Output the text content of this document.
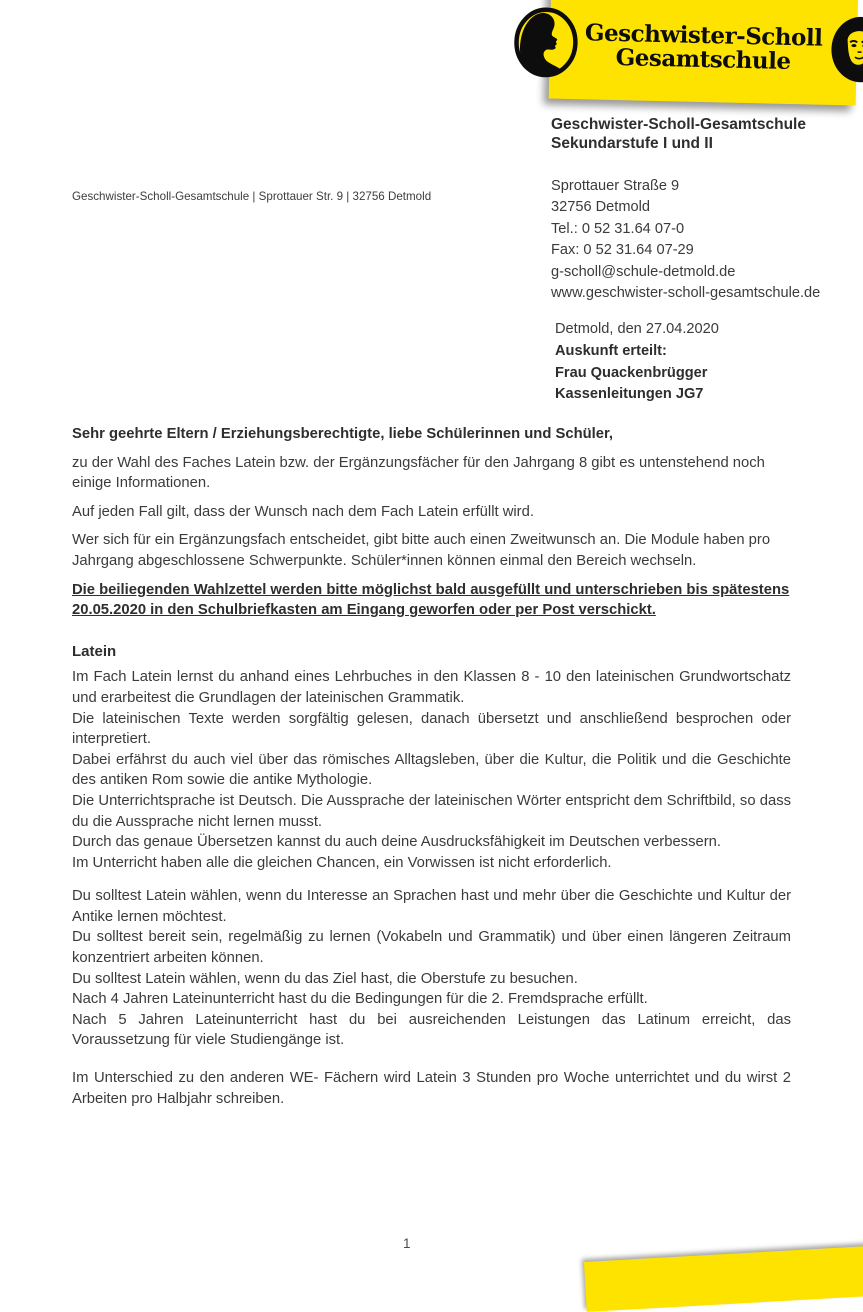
Geschwister-Scholl
Gesamtschule
Geschwister-Scholl-Gesamtschule
Sekundarstufe I und II
Sprottauer Straße 9
32756 Detmold
Tel.: 0 52 31.64 07-0
Fax: 0 52 31.64 07-29
g-scholl@schule-detmold.de
www.geschwister-scholl-gesamtschule.de
Detmold, den 27.04.2020
Auskunft erteilt:
Frau Quackenbrügger
Kassenleitungen JG7
Geschwister-Scholl-Gesamtschule | Sprottauer Str. 9 | 32756 Detmold

Sehr geehrte Eltern / Erziehungsberechtigte, liebe Schülerinnen und Schüler,

zu der Wahl des Faches Latein bzw. der Ergänzungsfächer für den Jahrgang 8 gibt es untenstehend noch einige Informationen.

Auf jeden Fall gilt, dass der Wunsch nach dem Fach Latein erfüllt wird.

Wer sich für ein Ergänzungsfach entscheidet, gibt bitte auch einen Zweitwunsch an. Die Module haben pro Jahrgang abgeschlossene Schwerpunkte. Schüler*innen können einmal den Bereich wechseln.

Die beiliegenden Wahlzettel werden bitte möglichst bald ausgefüllt und unterschrieben bis spätestens 20.05.2020 in den Schulbriefkasten am Eingang geworfen oder per Post verschickt.

Latein

Im Fach Latein lernst du anhand eines Lehrbuches in den Klassen 8 - 10 den lateinischen Grundwortschatz und erarbeitest die Grundlagen der lateinischen Grammatik.

Die lateinischen Texte werden sorgfältig gelesen, danach übersetzt und anschließend besprochen oder interpretiert.

Dabei erfährst du auch viel über das römisches Alltagsleben, über die Kultur, die Politik und die Geschichte des antiken Rom sowie die antike Mythologie.

Die Unterrichtsprache ist Deutsch. Die Aussprache der lateinischen Wörter entspricht dem Schriftbild, so dass du die Aussprache nicht lernen musst.

Durch das genaue Übersetzen kannst du auch deine Ausdrucksfähigkeit im Deutschen verbessern.

Im Unterricht haben alle die gleichen Chancen, ein Vorwissen ist nicht erforderlich.

Du solltest Latein wählen, wenn du Interesse an Sprachen hast und mehr über die Geschichte und Kultur der Antike lernen möchtest.

Du solltest bereit sein, regelmäßig zu lernen (Vokabeln und Grammatik) und über einen längeren Zeitraum konzentriert arbeiten können.

Du solltest Latein wählen, wenn du das Ziel hast, die Oberstufe zu besuchen.

Nach 4 Jahren Lateinunterricht hast du die Bedingungen für die 2. Fremdsprache erfüllt.

Nach 5 Jahren Lateinunterricht hast du bei ausreichenden Leistungen das Latinum erreicht, das Voraussetzung für viele Studiengänge ist.

Im Unterschied zu den anderen WE- Fächern wird Latein 3 Stunden pro Woche unterrichtet und du wirst 2 Arbeiten pro Halbjahr schreiben.

1
